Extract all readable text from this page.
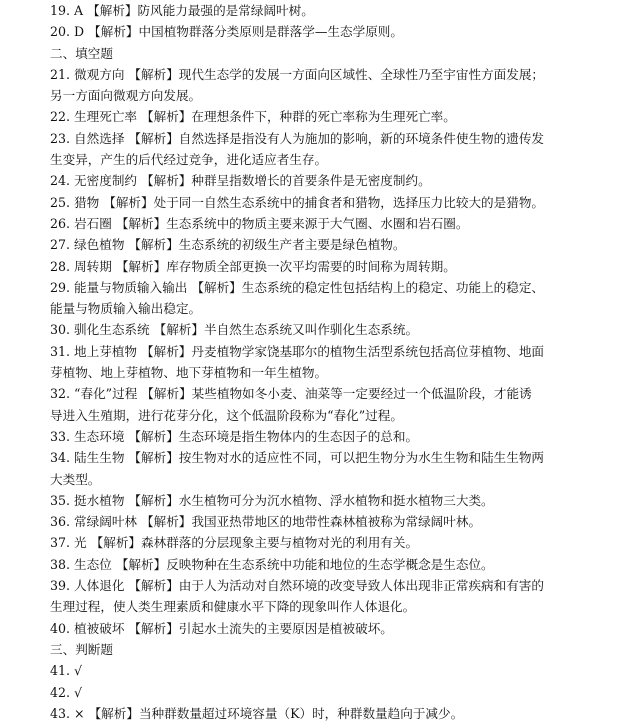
19. A 【解析】防风能力最强的是常绿阔叶树。
20. D 【解析】中国植物群落分类原则是群落学—生态学原则。
二、填空题
21. 微观方向 【解析】现代生态学的发展一方面向区域性、全球性乃至宇宙性方面发展；
另一方面向微观方向发展。
22. 生理死亡率 【解析】在理想条件下，种群的死亡率称为生理死亡率。
23. 自然选择 【解析】自然选择是指没有人为施加的影响，新的环境条件使生物的遗传发
生变异，产生的后代经过竞争，进化适应者生存。
24. 无密度制约 【解析】种群呈指数增长的首要条件是无密度制约。
25. 猎物 【解析】处于同一自然生态系统中的捕食者和猎物，选择压力比较大的是猎物。
26. 岩石圈 【解析】生态系统中的物质主要来源于大气圈、水圈和岩石圈。
27. 绿色植物 【解析】生态系统的初级生产者主要是绿色植物。
28. 周转期 【解析】库存物质全部更换一次平均需要的时间称为周转期。
29. 能量与物质输入输出 【解析】生态系统的稳定性包括结构上的稳定、功能上的稳定、
能量与物质输入输出稳定。
30. 驯化生态系统 【解析】半自然生态系统又叫作驯化生态系统。
31. 地上芽植物 【解析】丹麦植物学家饶基耶尔的植物生活型系统包括高位芽植物、地面
芽植物、地上芽植物、地下芽植物和一年生植物。
32. “春化”过程 【解析】某些植物如冬小麦、油菜等一定要经过一个低温阶段，才能诱
导进入生殖期，进行花芽分化，这个低温阶段称为“春化”过程。
33. 生态环境 【解析】生态环境是指生物体内的生态因子的总和。
34. 陆生生物 【解析】按生物对水的适应性不同，可以把生物分为水生生物和陆生生物两
大类型。
35. 挺水植物 【解析】水生植物可分为沉水植物、浮水植物和挺水植物三大类。
36. 常绿阔叶林 【解析】我国亚热带地区的地带性森林植被称为常绿阔叶林。
37. 光 【解析】森林群落的分层现象主要与植物对光的利用有关。
38. 生态位 【解析】反映物种在生态系统中功能和地位的生态学概念是生态位。
39. 人体退化 【解析】由于人为活动对自然环境的改变导致人体出现非正常疾病和有害的
生理过程，使人类生理素质和健康水平下降的现象叫作人体退化。
40. 植被破坏 【解析】引起水土流失的主要原因是植被破坏。
三、判断题
41. √
42. √
43. × 【解析】当种群数量超过环境容量（K）时，种群数量趋向于减少。
